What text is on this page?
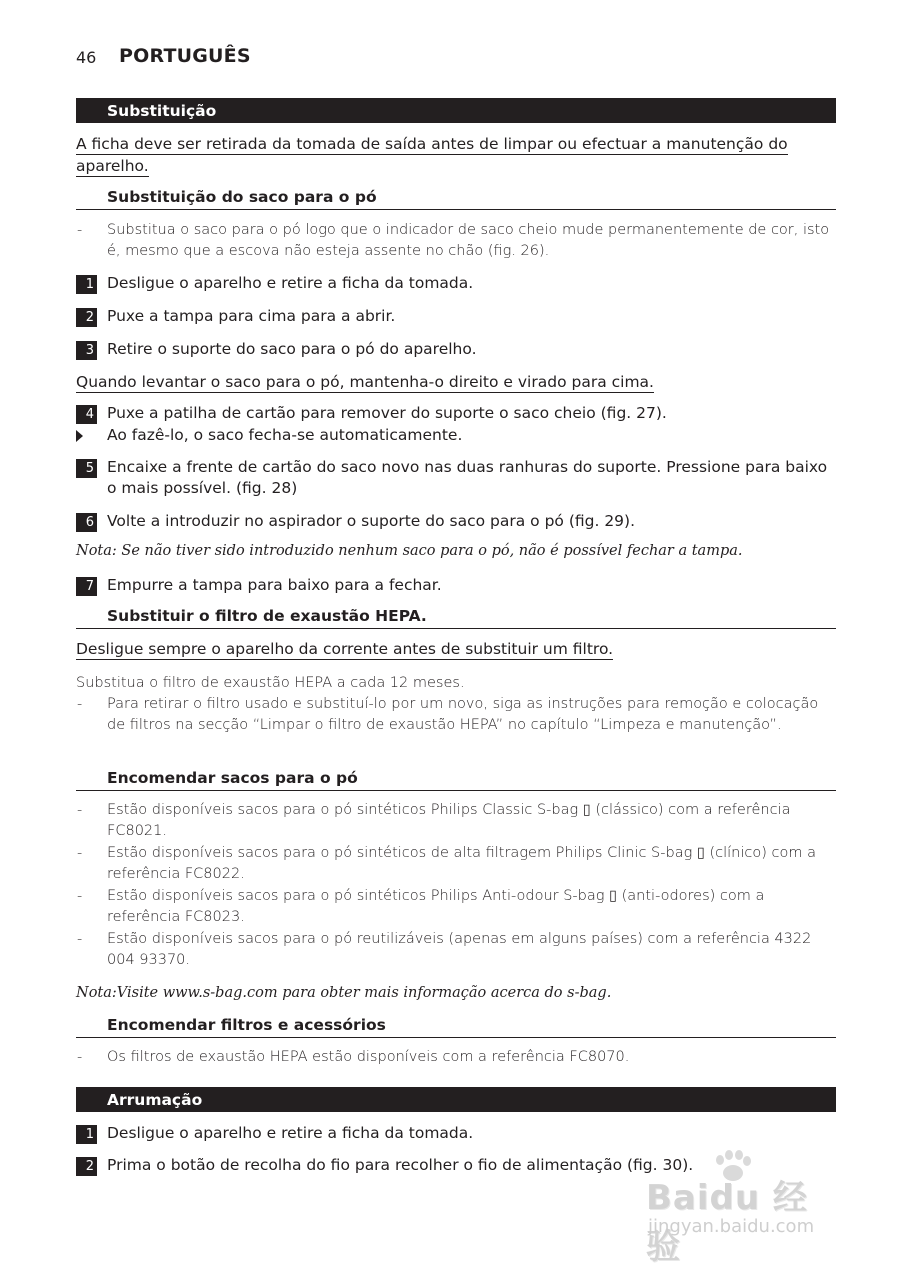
46 PORTUGUÊS
Substituição
A ficha deve ser retirada da tomada de saída antes de limpar ou efectuar a manutenção do aparelho.
Substituição do saco para o pó
- Substitua o saco para o pó logo que o indicador de saco cheio mude permanentemente de cor, isto é, mesmo que a escova não esteja assente no chão (fig. 26).
1 Desligue o aparelho e retire a ficha da tomada.
2 Puxe a tampa para cima para a abrir.
3 Retire o suporte do saco para o pó do aparelho.
Quando levantar o saco para o pó, mantenha-o direito e virado para cima.
4 Puxe a patilha de cartão para remover do suporte o saco cheio (fig. 27).
Ao fazê-lo, o saco fecha-se automaticamente.
5 Encaixe a frente de cartão do saco novo nas duas ranhuras do suporte. Pressione para baixo o mais possível. (fig. 28)
6 Volte a introduzir no aspirador o suporte do saco para o pó (fig. 29).
Nota: Se não tiver sido introduzido nenhum saco para o pó, não é possível fechar a tampa.
7 Empurre a tampa para baixo para a fechar.
Substituir o filtro de exaustão HEPA.
Desligue sempre o aparelho da corrente antes de substituir um filtro.
Substitua o filtro de exaustão HEPA a cada 12 meses.
- Para retirar o filtro usado e substituí-lo por um novo, siga as instruções para remoção e colocação de filtros na secção “Limpar o filtro de exaustão HEPA” no capítulo “Limpeza e manutenção”.
Encomendar sacos para o pó
- Estão disponíveis sacos para o pó sintéticos Philips Classic S-bag ▯ (clássico) com a referência FC8021.
- Estão disponíveis sacos para o pó sintéticos de alta filtragem Philips Clinic S-bag ▯ (clínico) com a referência FC8022.
- Estão disponíveis sacos para o pó sintéticos Philips Anti-odour S-bag ▯ (anti-odores) com a referência FC8023.
- Estão disponíveis sacos para o pó reutilizáveis (apenas em alguns países) com a referência 4322 004 93370.
Nota:Visite www.s-bag.com para obter mais informação acerca do s-bag.
Encomendar filtros e acessórios
- Os filtros de exaustão HEPA estão disponíveis com a referência FC8070.
Arrumação
1 Desligue o aparelho e retire a ficha da tomada.
2 Prima o botão de recolha do fio para recolher o fio de alimentação (fig. 30).
Baidu 经验
jingyan.baidu.com
